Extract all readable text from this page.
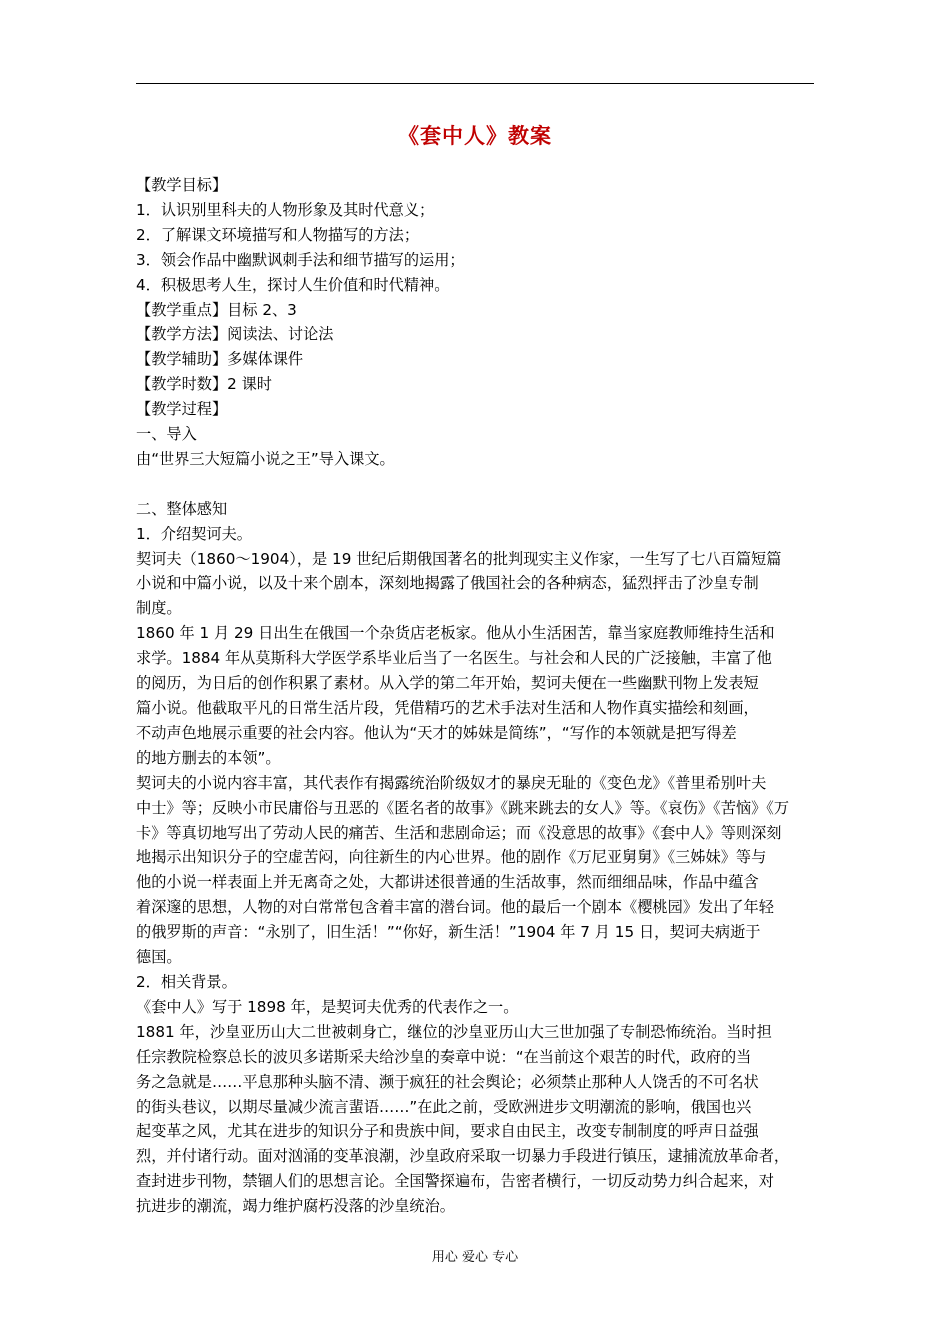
《套中人》教案

【教学目标】

1．认识别里科夫的人物形象及其时代意义；

2．了解课文环境描写和人物描写的方法；

3．领会作品中幽默讽刺手法和细节描写的运用；

4．积极思考人生，探讨人生价值和时代精神。

【教学重点】目标 2、3

【教学方法】阅读法、讨论法

【教学辅助】多媒体课件

【教学时数】2 课时

【教学过程】

一、导入

由“世界三大短篇小说之王”导入课文。

二、整体感知

1．介绍契诃夫。

契诃夫（1860～1904），是 19 世纪后期俄国著名的批判现实主义作家，一生写了七八百篇短篇

小说和中篇小说，以及十来个剧本，深刻地揭露了俄国社会的各种病态，猛烈抨击了沙皇专制

制度。

1860 年 1 月 29 日出生在俄国一个杂货店老板家。他从小生活困苦，靠当家庭教师维持生活和

求学。1884 年从莫斯科大学医学系毕业后当了一名医生。与社会和人民的广泛接触，丰富了他

的阅历，为日后的创作积累了素材。从入学的第二年开始，契诃夫便在一些幽默刊物上发表短

篇小说。他截取平凡的日常生活片段，凭借精巧的艺术手法对生活和人物作真实描绘和刻画，

不动声色地展示重要的社会内容。他认为“天才的姊妹是简练”，“写作的本领就是把写得差

的地方删去的本领”。

契诃夫的小说内容丰富，其代表作有揭露统治阶级奴才的暴戾无耻的《变色龙》《普里希别叶夫

中士》等；反映小市民庸俗与丑恶的《匿名者的故事》《跳来跳去的女人》等。《哀伤》《苦恼》《万

卡》等真切地写出了劳动人民的痛苦、生活和悲剧命运；而《没意思的故事》《套中人》等则深刻

地揭示出知识分子的空虚苦闷，向往新生的内心世界。他的剧作《万尼亚舅舅》《三姊妹》等与

他的小说一样表面上并无离奇之处，大都讲述很普通的生活故事，然而细细品味，作品中蕴含

着深邃的思想，人物的对白常常包含着丰富的潜台词。他的最后一个剧本《樱桃园》发出了年轻

的俄罗斯的声音：“永别了，旧生活！”“你好，新生活！”1904 年 7 月 15 日，契诃夫病逝于

德国。

2．相关背景。

《套中人》写于 1898 年，是契诃夫优秀的代表作之一。

1881 年，沙皇亚历山大二世被刺身亡，继位的沙皇亚历山大三世加强了专制恐怖统治。当时担

任宗教院检察总长的波贝多诺斯采夫给沙皇的奏章中说：“在当前这个艰苦的时代，政府的当

务之急就是……平息那种头脑不清、濒于疯狂的社会舆论；必须禁止那种人人饶舌的不可名状

的街头巷议，以期尽量减少流言蜚语……”在此之前，受欧洲进步文明潮流的影响，俄国也兴

起变革之风，尤其在进步的知识分子和贵族中间，要求自由民主，改变专制制度的呼声日益强

烈，并付诸行动。面对汹涌的变革浪潮，沙皇政府采取一切暴力手段进行镇压，逮捕流放革命者，

查封进步刊物，禁锢人们的思想言论。全国警探遍布，告密者横行，一切反动势力纠合起来，对

抗进步的潮流，竭力维护腐朽没落的沙皇统治。

用心 爱心 专心
